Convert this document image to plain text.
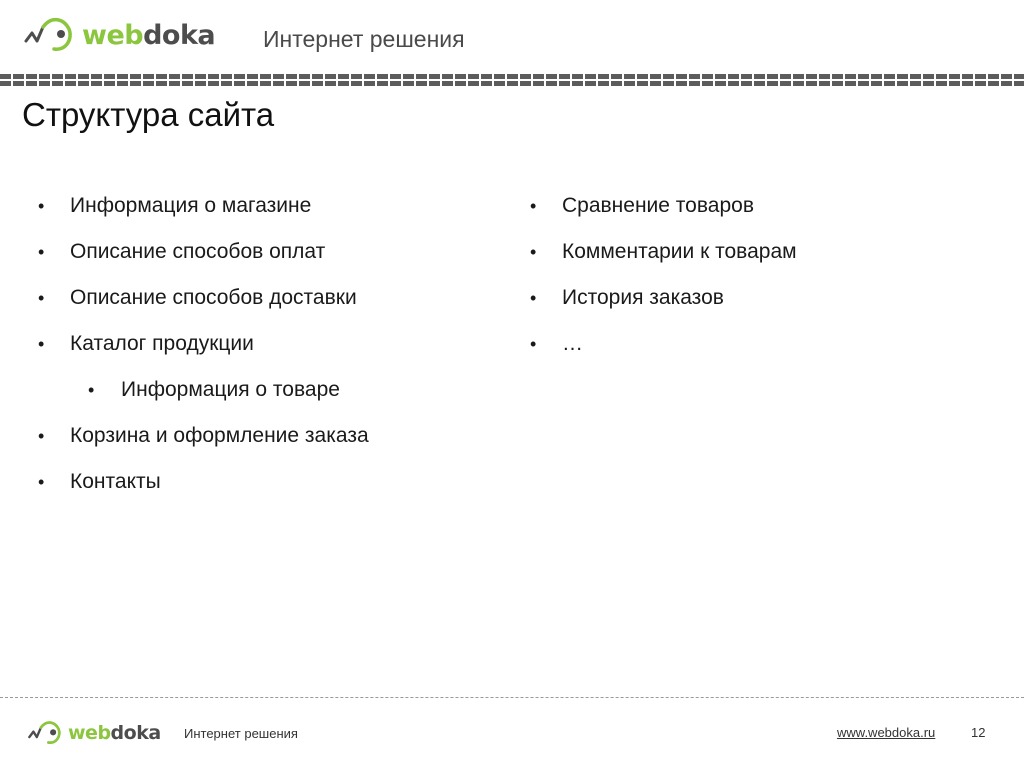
webdoka Интернет решения
Структура сайта
• Информация о магазине
• Описание способов оплат
• Описание способов доставки
• Каталог продукции
• Информация о товаре
• Корзина и оформление заказа
• Контакты
• Сравнение товаров
• Комментарии к товарам
• История заказов
• …
webdoka Интернет решения	www.webdoka.ru	12
